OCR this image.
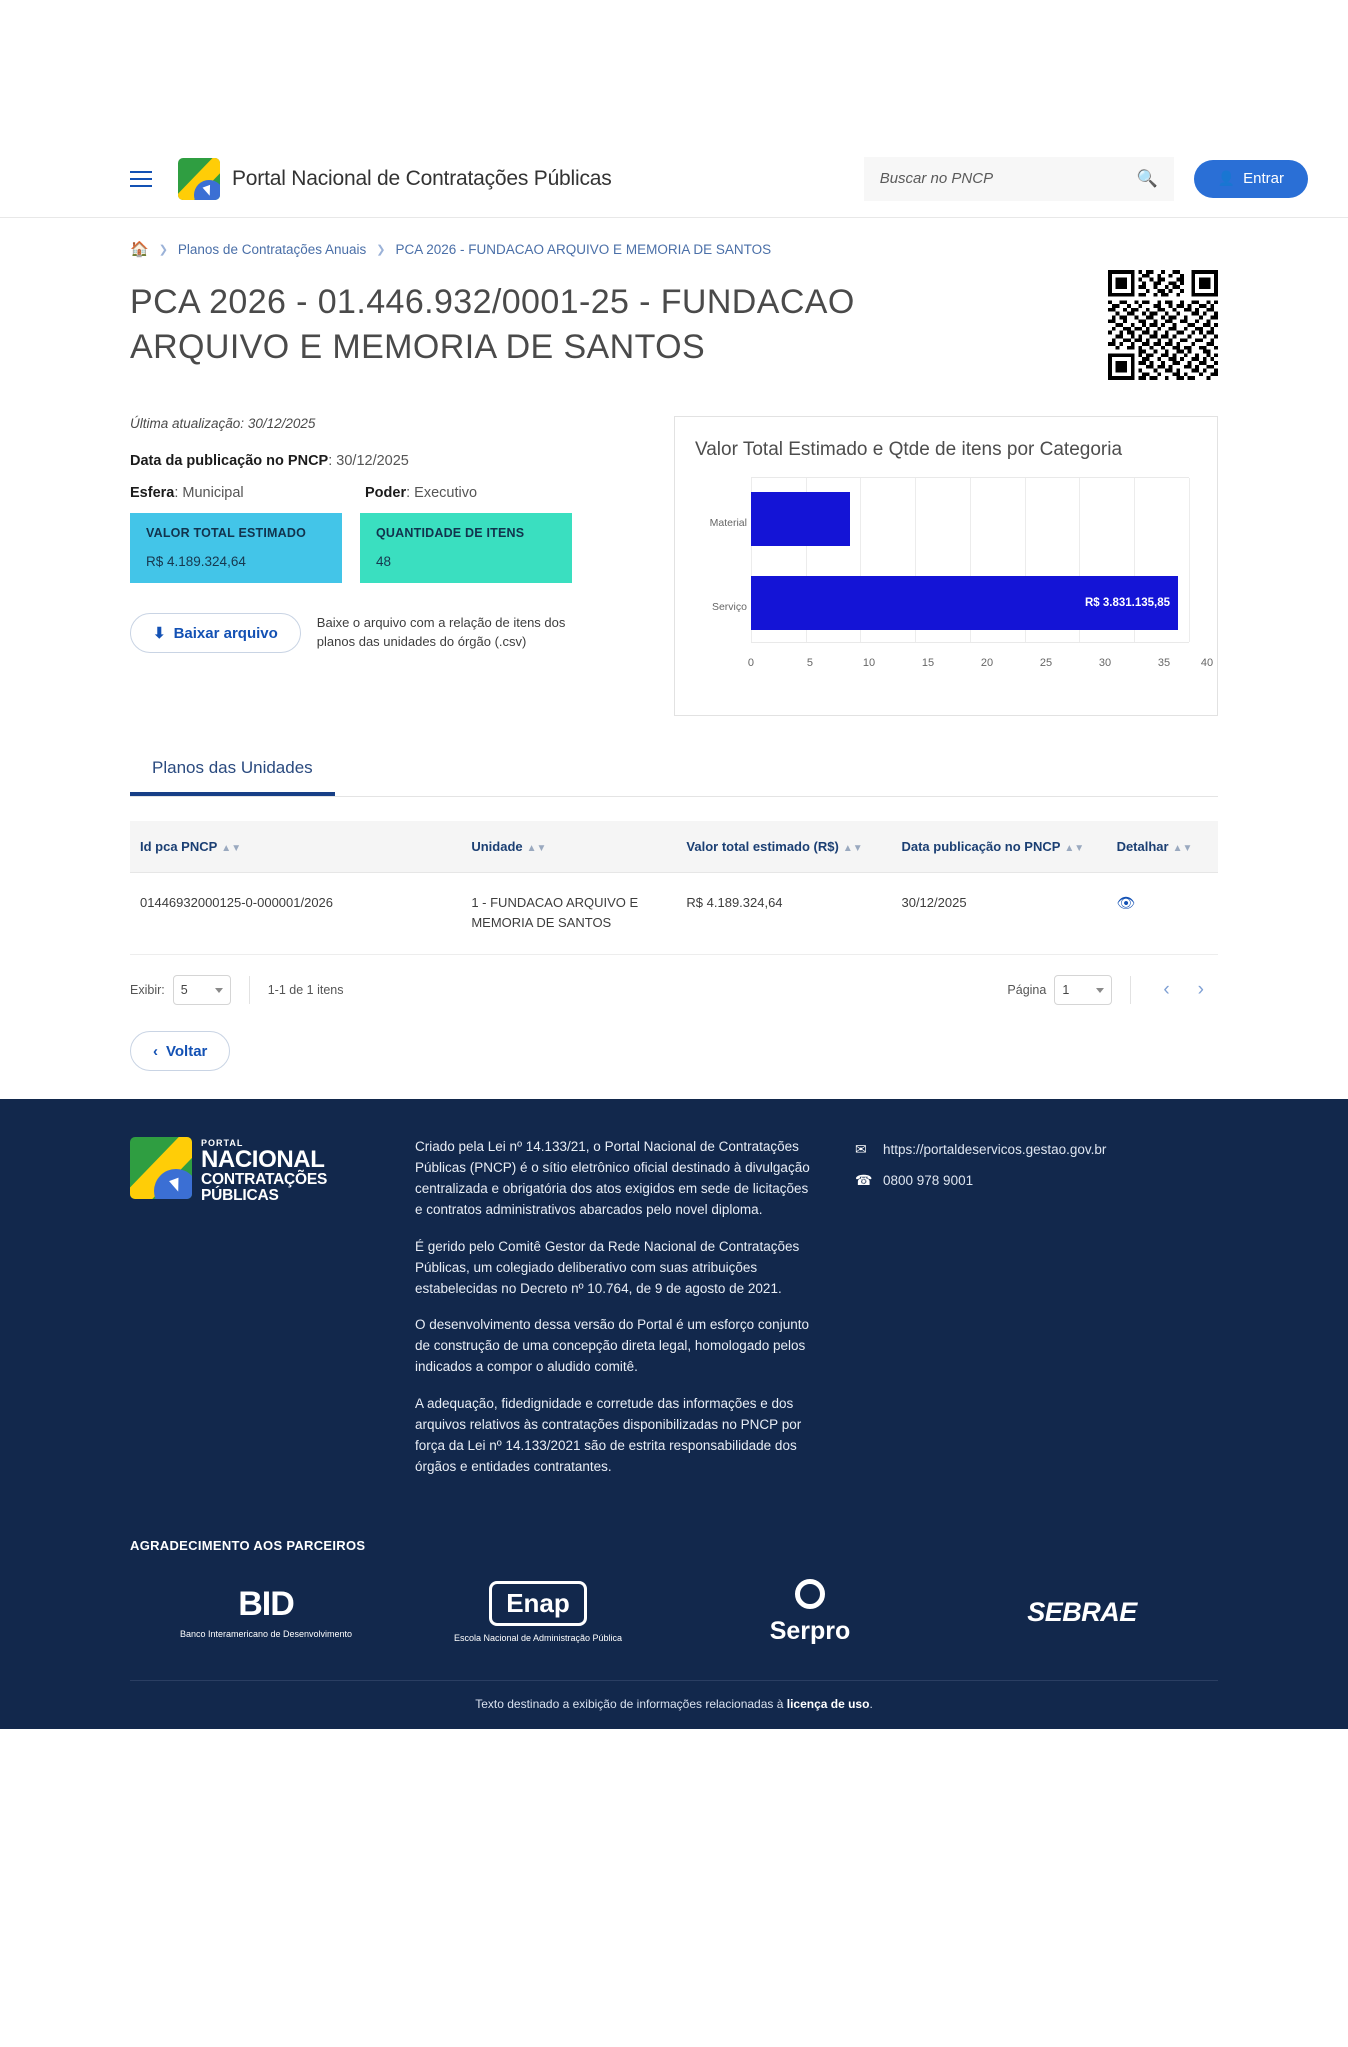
Portal Nacional de Contratações Públicas
Buscar no PNCP	🔍	👤 Entrar
🏠 ❯ Planos de Contratações Anuais ❯ PCA 2026 - FUNDACAO ARQUIVO E MEMORIA DE SANTOS
PCA 2026 - 01.446.932/0001-25 - FUNDACAO ARQUIVO E MEMORIA DE SANTOS
Última atualização: 30/12/2025
Data da publicação no PNCP: 30/12/2025
Esfera: Municipal	Poder: Executivo
VALOR TOTAL ESTIMADO
R$ 4.189.324,64
QUANTIDADE DE ITENS
48
⬇ Baixar arquivo
Baixe o arquivo com a relação de itens dos planos das unidades do órgão (.csv)
Valor Total Estimado e Qtde de itens por Categoria
Material
Serviço	R$ 3.831.135,85
0	5	10	15	20	25	30	35	40
Planos das Unidades
Id pca PNCP ▲▼	Unidade ▲▼	Valor total estimado (R$) ▲▼	Data publicação no PNCP ▲▼	Detalhar ▲▼
01446932000125-0-000001/2026	1 - FUNDACAO ARQUIVO E MEMORIA DE SANTOS	R$ 4.189.324,64	30/12/2025	👁
Exibir: 5	1-1 de 1 itens	Página 1	‹	›
‹ Voltar
PORTAL
NACIONAL
CONTRATAÇÕES
PÚBLICAS

Criado pela Lei nº 14.133/21, o Portal Nacional de Contratações Públicas (PNCP) é o sítio eletrônico oficial destinado à divulgação centralizada e obrigatória dos atos exigidos em sede de licitações e contratos administrativos abarcados pelo novel diploma.

É gerido pelo Comitê Gestor da Rede Nacional de Contratações Públicas, um colegiado deliberativo com suas atribuições estabelecidas no Decreto nº 10.764, de 9 de agosto de 2021.

O desenvolvimento dessa versão do Portal é um esforço conjunto de construção de uma concepção direta legal, homologado pelos indicados a compor o aludido comitê.

A adequação, fidedignidade e corretude das informações e dos arquivos relativos às contratações disponibilizadas no PNCP por força da Lei nº 14.133/2021 são de estrita responsabilidade dos órgãos e entidades contratantes.

✉	https://portaldeservicos.gestao.gov.br
☎ 0800 978 9001
AGRADECIMENTO AOS PARCEIROS
BID
Banco Interamericano de Desenvolvimento
Enap
Escola Nacional de Administração Pública	Serpro
SEBRAE
Texto destinado a exibição de informações relacionadas à licença de uso.
